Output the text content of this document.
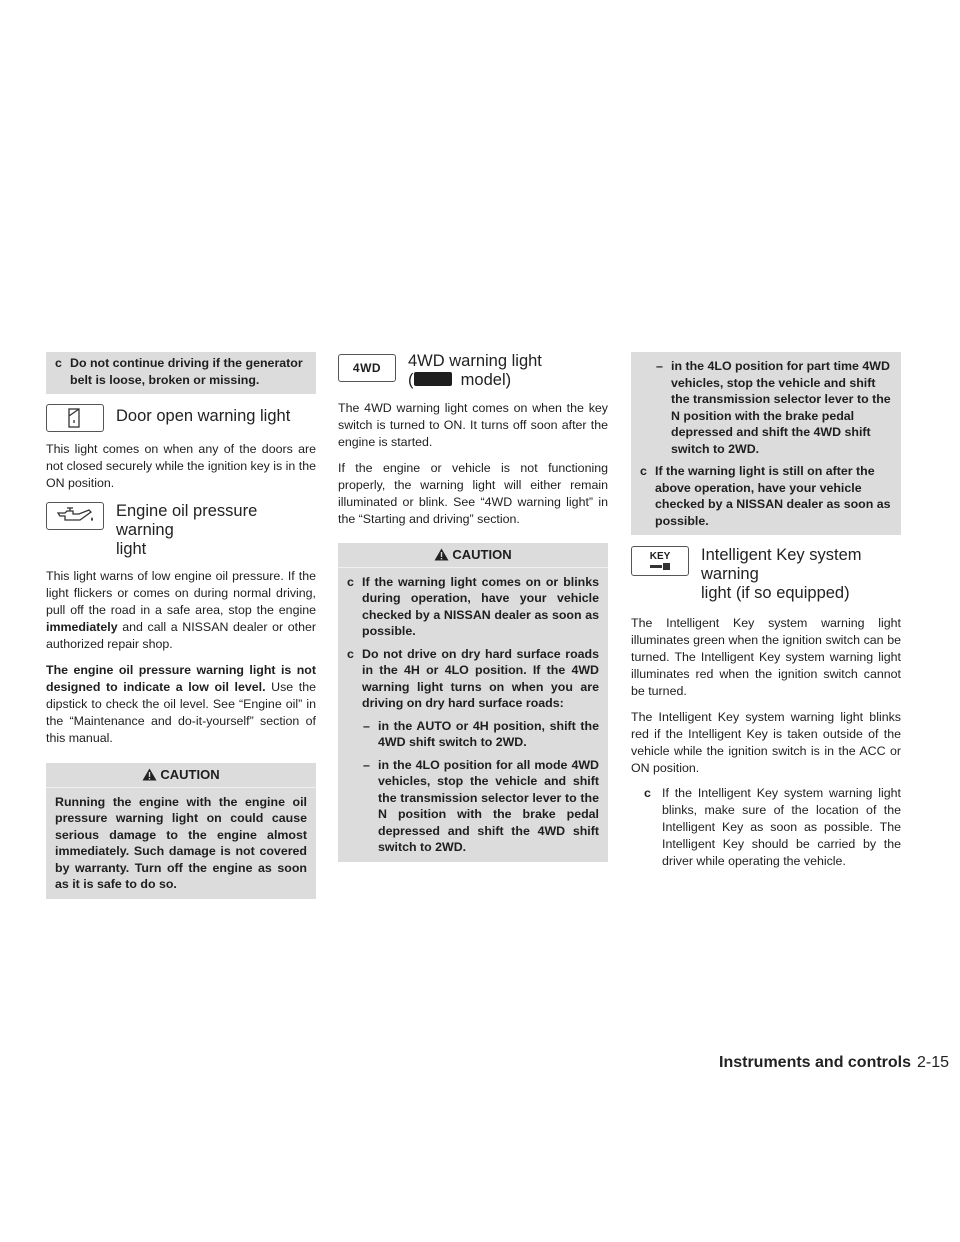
c Do not continue driving if the generator belt is loose, broken or missing.
Door open warning light

This light comes on when any of the doors are not closed securely while the ignition key is in the ON position.

Engine oil pressure warning
light

This light warns of low engine oil pressure. If the light flickers or comes on during normal driving, pull off the road in a safe area, stop the engine immediately and call a NISSAN dealer or other authorized repair shop.

The engine oil pressure warning light is not designed to indicate a low oil level. Use the dipstick to check the oil level. See “Engine oil” in the “Maintenance and do-it-yourself” section of this manual.

CAUTION
Running the engine with the engine oil pressure warning light on could cause serious damage to the engine almost immediately. Such damage is not covered by warranty. Turn off the engine as soon as it is safe to do so.
4WD 4WD warning light
(	model)

The 4WD warning light comes on when the key switch is turned to ON. It turns off soon after the engine is started.

If the engine or vehicle is not functioning properly, the warning light will either remain illuminated or blink. See “4WD warning light” in the “Starting and driving” section.

CAUTION
c If the warning light comes on or blinks during operation, have your vehicle checked by a NISSAN dealer as soon as possible.
c Do not drive on dry hard surface roads in the 4H or 4LO position. If the 4WD warning light turns on when you are driving on dry hard surface roads:
– in the AUTO or 4H position, shift the 4WD shift switch to 2WD.
– in the 4LO position for all mode 4WD vehicles, stop the vehicle and shift the transmission selector lever to the N position with the brake pedal depressed and shift the 4WD shift switch to 2WD.
– in the 4LO position for part time 4WD vehicles, stop the vehicle and shift the transmission selector lever to the N position with the brake pedal depressed and shift the 4WD shift switch to 2WD.
c If the warning light is still on after the above operation, have your vehicle checked by a NISSAN dealer as soon as possible.
KEY Intelligent Key system warning
light (if so equipped)

The Intelligent Key system warning light illuminates green when the ignition switch can be turned. The Intelligent Key system warning light illuminates red when the ignition switch cannot be turned.

The Intelligent Key system warning light blinks red if the Intelligent Key is taken outside of the vehicle while the ignition switch is in the ACC or ON position.

c If the Intelligent Key system warning light blinks, make sure of the location of the Intelligent Key as soon as possible. The Intelligent Key should be carried by the driver while operating the vehicle.
Instruments and controls 2-15
